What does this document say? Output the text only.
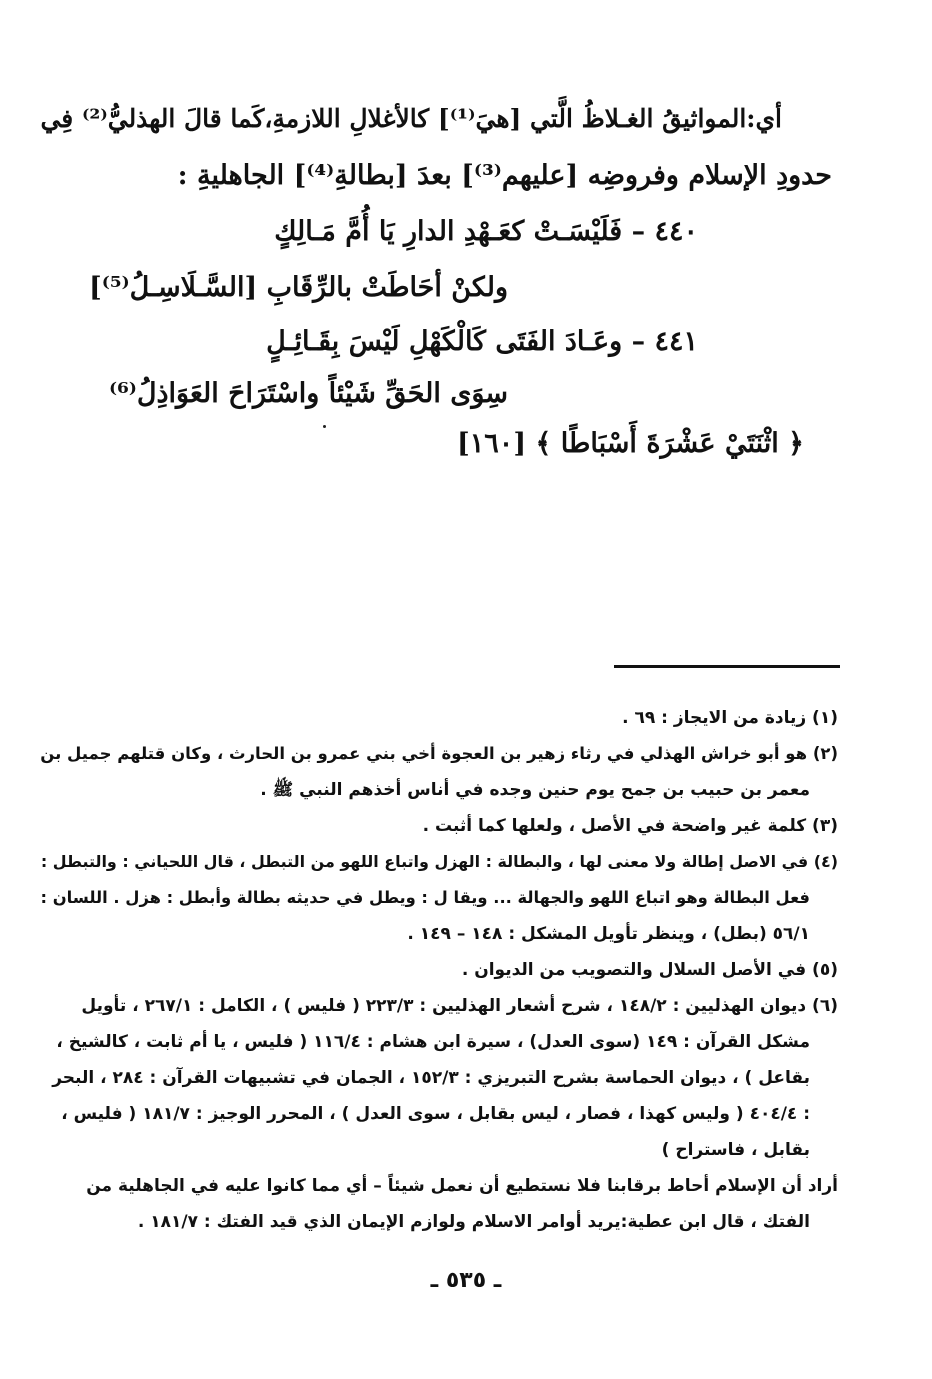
أي:المواثيقُ الغـلاظُ الَّتي [هيَ⁽¹⁾] كالأغلالِ اللازمةِ،كَما قالَ الهذليُّ⁽²⁾ فِي
حدودِ الإسلام وفروضِه [عليهم⁽³⁾] بعدَ [بطالةِ⁽⁴⁾] الجاهليةِ :
٤٤٠ – فَلَيْسَـتْ كعَـهْدِ الدارِ يَا أُمَّ مَـالِكٍ
ولكنْ أحَاطَتْ بالرِّقَابِ [السَّـلَاسِـلُ⁽⁵⁾]
٤٤١ – وعَـادَ الفَتَى كَالْكَهْلِ لَيْسَ بِقَـائِـلٍ
سِوَى الحَقِّ شَيْئاً واسْتَرَاحَ العَوَاذِلُ⁽⁶⁾
﴿ اثْنَتَيْ عَشْرَةَ أَسْبَاطًا ﴾ [١٦٠]
(١) زيادة من الايجاز : ٦٩ .
(٢) هو أبو خراش الهذلي في رثاء زهير بن العجوة أخي بني عمرو بن الحارث ، وكان قتلهم جميل بن
معمر بن حبيب بن جمح يوم حنين وجده في أناس أخذهم النبي ﷺ .
(٣) كلمة غير واضحة في الأصل ، ولعلها كما أثبت .
(٤) في الاصل إطالة ولا معنى لها ، والبطالة : الهزل واتباع اللهو من التبطل ، قال اللحياني : والتبطل :
فعل البطالة وهو اتباع اللهو والجهالة ... ويقا ل : ويطل في حديثه بطالة وأبطل : هزل . اللسان :
٥٦/١ (بطل) ، وينظر تأويل المشكل : ١٤٨ – ١٤٩ .
(٥) في الأصل السلال والتصويب من الديوان .
(٦) ديوان الهذليين : ١٤٨/٢ ، شرح أشعار الهذليين : ٢٢٣/٣ ( فليس ) ، الكامل : ٢٦٧/١ ، تأويل
مشكل القرآن : ١٤٩ (سوى العدل) ، سيرة ابن هشام : ١١٦/٤ ( فليس ، يا أم ثابت ، كالشيخ ،
بقاعل ) ، ديوان الحماسة بشرح التبريزي : ١٥٢/٣ ، الجمان في تشبيهات القرآن : ٢٨٤ ، البحر
: ٤٠٤/٤ ( وليس كهذا ، فصار ، ليس بقابل ، سوى العدل ) ، المحرر الوجيز : ١٨١/٧ ( فليس ،
بقابل ، فاستراح )
أراد أن الإسلام أحاط برقابنا فلا نستطيع أن نعمل شيئاً – أي مما كانوا عليه في الجاهلية من
الفتك ، قال ابن عطية:يريد أوامر الاسلام ولوازم الإيمان الذي قيد الفتك : ١٨١/٧ .
ـ ٥٣٥ ـ
